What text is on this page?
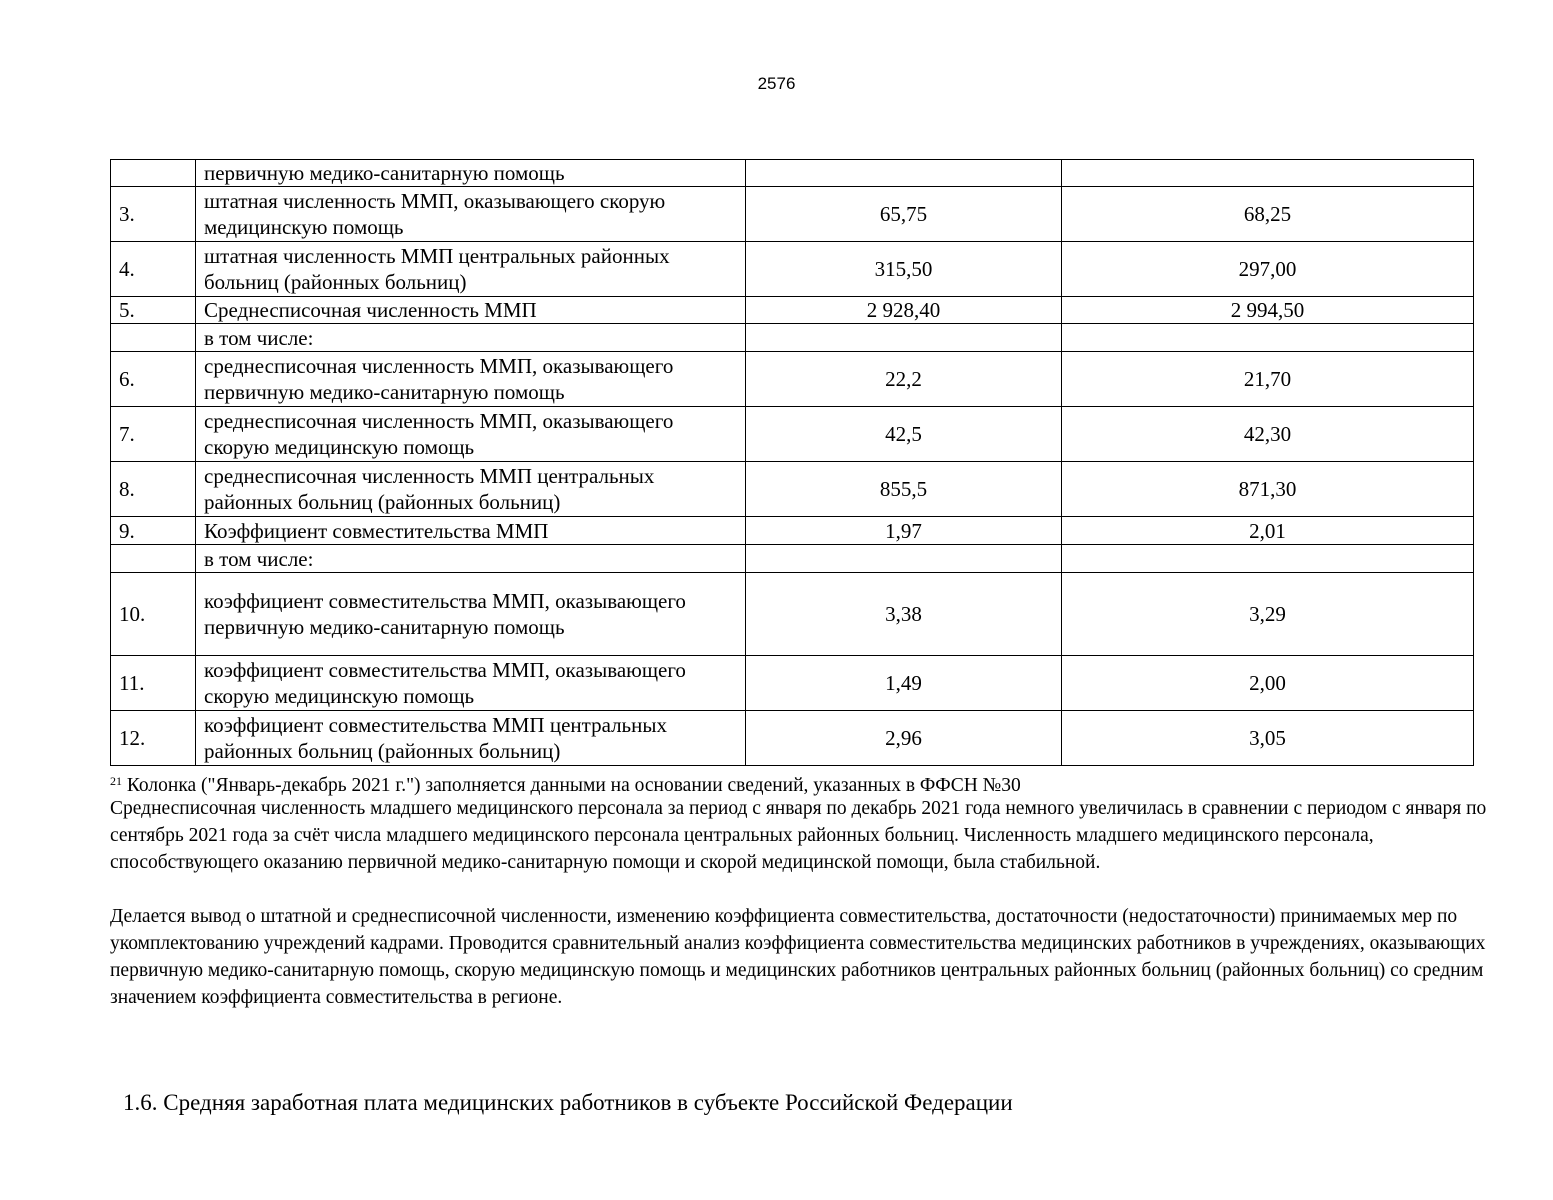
2576
	первичную медико-санитарную помощь		
3.	штатная численность ММП, оказывающего скорую медицинскую помощь	65,75	68,25
4.	штатная численность ММП центральных районных больниц (районных больниц)	315,50	297,00
5.	Среднесписочная численность ММП	2 928,40	2 994,50
	в том числе:		
6.	среднесписочная численность ММП, оказывающего первичную медико-санитарную помощь	22,2	21,70
7.	среднесписочная численность ММП, оказывающего скорую медицинскую помощь	42,5	42,30
8.	среднесписочная численность ММП центральных районных больниц (районных больниц)	855,5	871,30
9.	Коэффициент совместительства ММП	1,97	2,01
	в том числе:		
10.	коэффициент совместительства ММП, оказывающего первичную медико-санитарную помощь	3,38	3,29
11.	коэффициент совместительства ММП, оказывающего скорую медицинскую помощь	1,49	2,00
12.	коэффициент совместительства ММП центральных районных больниц (районных больниц)	2,96	3,05
$^{21}$ Колонка ("Январь-декабрь 2021 г.") заполняется данными на основании сведений, указанных в ФФСН №30
Среднесписочная численность младшего медицинского персонала за период с января по декабрь 2021 года немного увеличилась в сравнении с периодом с января по сентябрь 2021 года за счёт числа младшего медицинского персонала центральных районных больниц. Численность младшего медицинского персонала, способствующего оказанию первичной медико-санитарную помощи и скорой медицинской помощи, была стабильной.
Делается вывод о штатной и среднесписочной численности, изменению коэффициента совместительства, достаточности (недостаточности) принимаемых мер по укомплектованию учреждений кадрами. Проводится сравнительный анализ коэффициента совместительства медицинских работников в учреждениях, оказывающих первичную медико-санитарную помощь, скорую медицинскую помощь и медицинских работников центральных районных больниц (районных больниц) со средним значением коэффициента совместительства в регионе.
1.6. Средняя заработная плата медицинских работников в субъекте Российской Федерации
